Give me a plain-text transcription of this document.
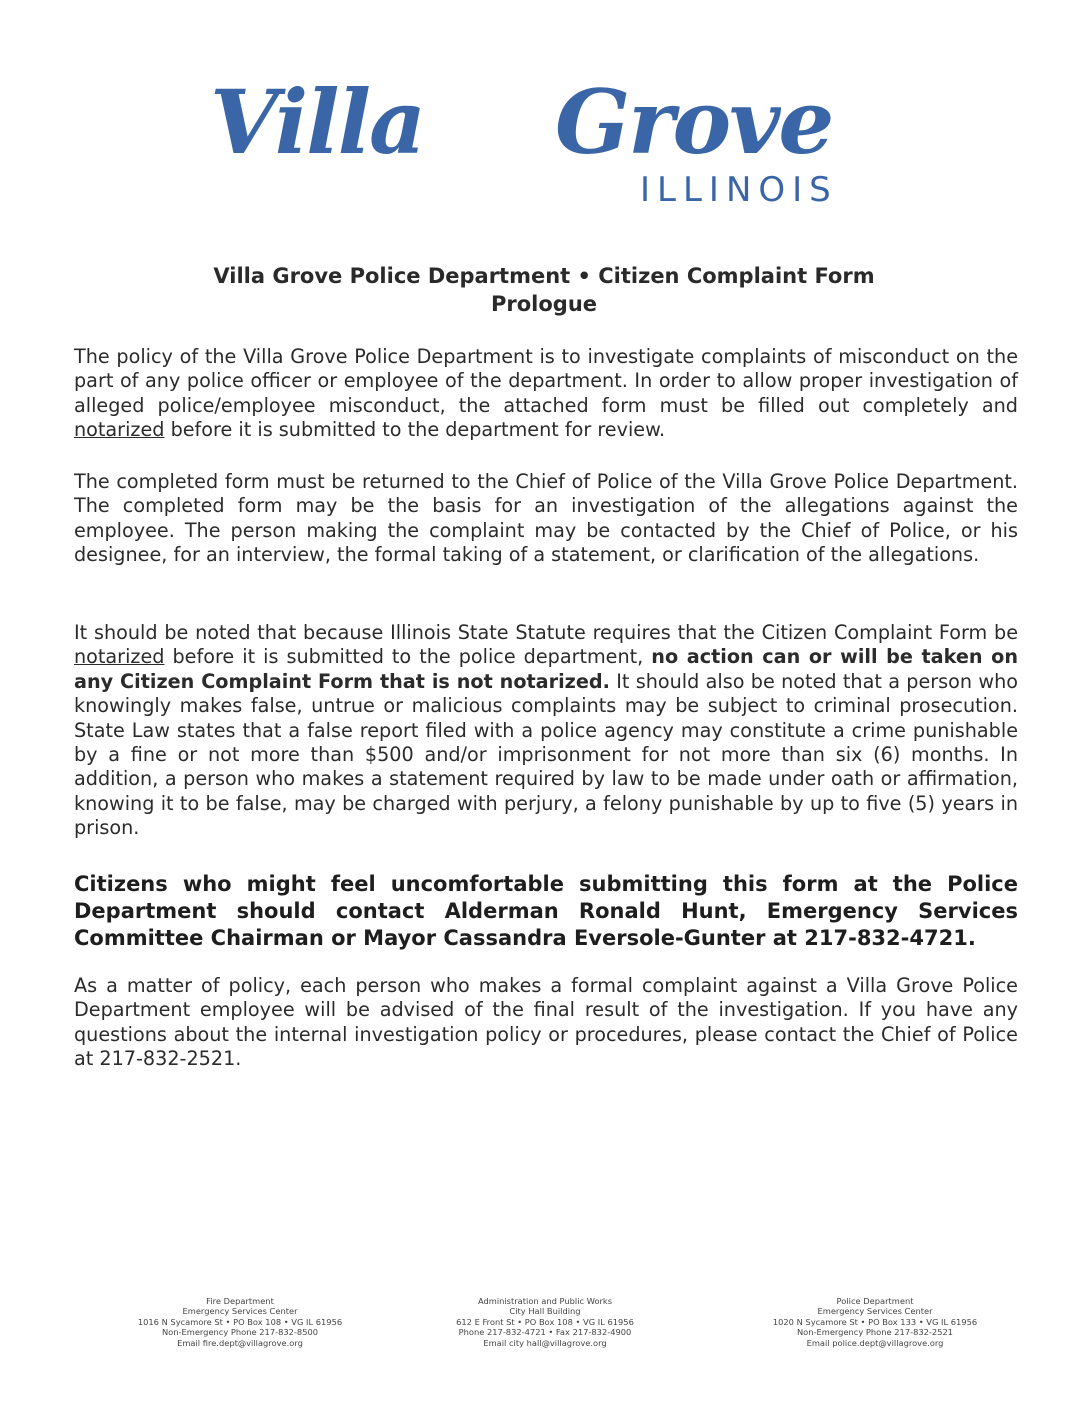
Villa Grove
ILLINOIS
Villa Grove Police Department • Citizen Complaint Form
Prologue

The policy of the Villa Grove Police Department is to investigate complaints of misconduct on the part of any police officer or employee of the department. In order to allow proper investigation of alleged police/employee misconduct, the attached form must be filled out completely and notarized before it is submitted to the department for review.

The completed form must be returned to the Chief of Police of the Villa Grove Police Department. The completed form may be the basis for an investigation of the allegations against the employee. The person making the complaint may be contacted by the Chief of Police, or his designee, for an interview, the formal taking of a statement, or clarification of the allegations.

It should be noted that because Illinois State Statute requires that the Citizen Complaint Form be notarized before it is submitted to the police department, no action can or will be taken on any Citizen Complaint Form that is not notarized. It should also be noted that a person who knowingly makes false, untrue or malicious complaints may be subject to criminal prosecution. State Law states that a false report filed with a police agency may constitute a crime punishable by a fine or not more than $500 and/or imprisonment for not more than six (6) months. In addition, a person who makes a statement required by law to be made under oath or affirmation, knowing it to be false, may be charged with perjury, a felony punishable by up to five (5) years in prison.

Citizens who might feel uncomfortable submitting this form at the Police Department should contact Alderman Ronald Hunt, Emergency Services Committee Chairman or Mayor Cassandra Eversole-Gunter at 217-832-4721.

As a matter of policy, each person who makes a formal complaint against a Villa Grove Police Department employee will be advised of the final result of the investigation. If you have any questions about the internal investigation policy or procedures, please contact the Chief of Police at 217-832-2521.

Fire Department
Emergency Services Center
1016 N Sycamore St • PO Box 108 • VG IL 61956
Non-Emergency Phone 217-832-8500
Email fire.dept@villagrove.org
Administration and Public Works
City Hall Building
612 E Front St • PO Box 108 • VG IL 61956
Phone 217-832-4721 • Fax 217-832-4900
Email city hall@villagrove.org
Police Department
Emergency Services Center
1020 N Sycamore St • PO Box 133 • VG IL 61956
Non-Emergency Phone 217-832-2521
Email police.dept@villagrove.org
